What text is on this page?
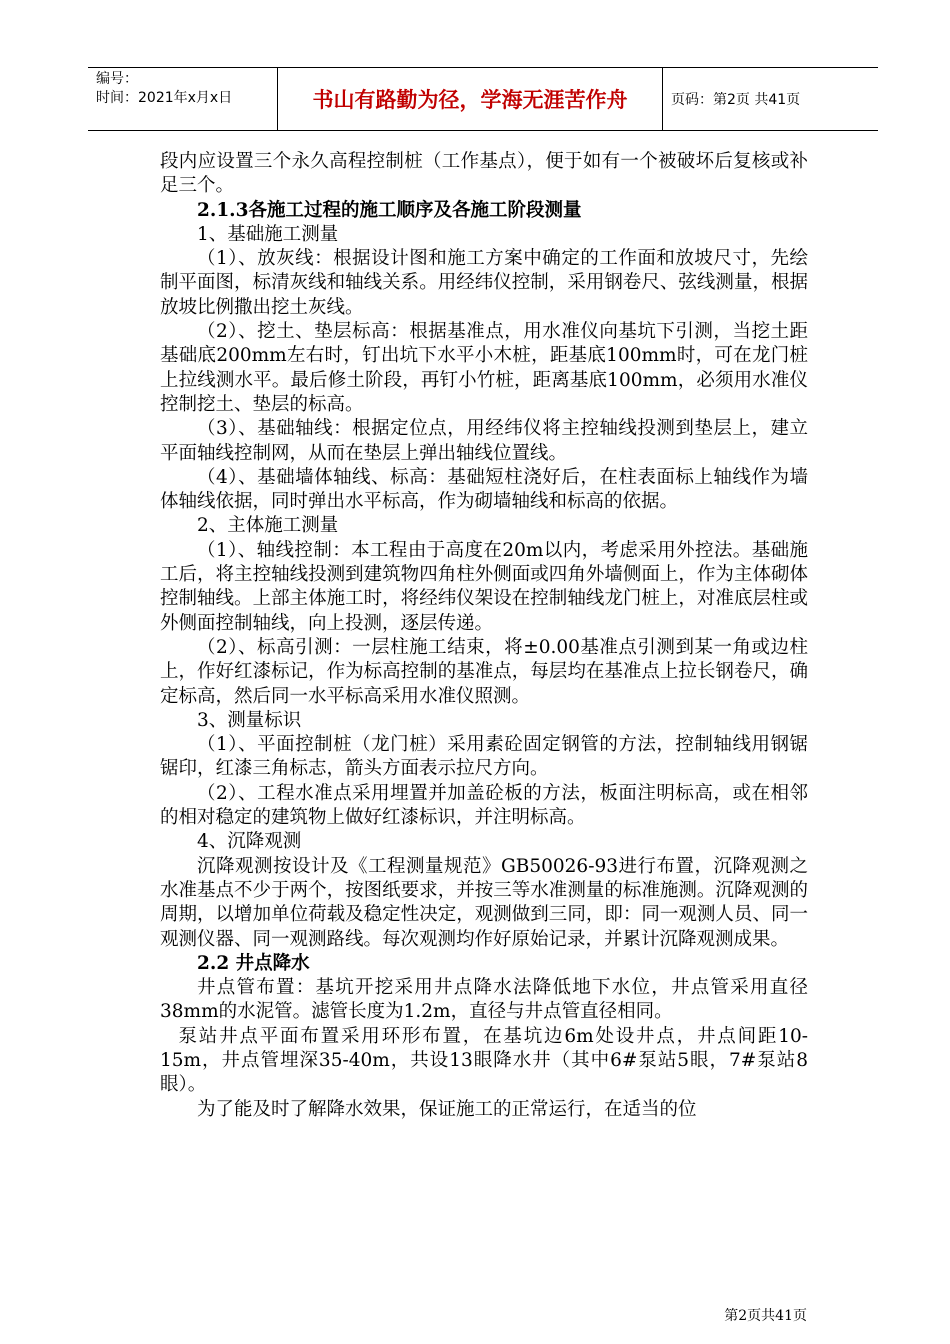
编号：
时间：2021年x月x日	书山有路勤为径，学海无涯苦作舟	页码：第2页 共41页

段内应设置三个永久高程控制桩（工作基点），便于如有一个被破坏后复核或补足三个。

2.1.3各施工过程的施工顺序及各施工阶段测量

1、基础施工测量

（1）、放灰线：根据设计图和施工方案中确定的工作面和放坡尺寸，先绘制平面图，标清灰线和轴线关系。用经纬仪控制，采用钢卷尺、弦线测量，根据放坡比例撒出挖土灰线。

（2）、挖土、垫层标高：根据基准点，用水准仪向基坑下引测，当挖土距基础底200mm左右时，钉出坑下水平小木桩，距基底100mm时，可在龙门桩上拉线测水平。最后修土阶段，再钉小竹桩，距离基底100mm，必须用水准仪控制挖土、垫层的标高。

（3）、基础轴线：根据定位点，用经纬仪将主控轴线投测到垫层上，建立平面轴线控制网，从而在垫层上弹出轴线位置线。

（4）、基础墙体轴线、标高：基础短柱浇好后，在柱表面标上轴线作为墙体轴线依据，同时弹出水平标高，作为砌墙轴线和标高的依据。

2、主体施工测量

（1）、轴线控制：本工程由于高度在20m以内，考虑采用外控法。基础施工后，将主控轴线投测到建筑物四角柱外侧面或四角外墙侧面上，作为主体砌体控制轴线。上部主体施工时，将经纬仪架设在控制轴线龙门桩上，对准底层柱或外侧面控制轴线，向上投测，逐层传递。

（2）、标高引测：一层柱施工结束，将±0.00基准点引测到某一角或边柱上，作好红漆标记，作为标高控制的基准点，每层均在基准点上拉长钢卷尺，确定标高，然后同一水平标高采用水准仪照测。

3、测量标识

（1）、平面控制桩（龙门桩）采用素砼固定钢管的方法，控制轴线用钢锯锯印，红漆三角标志，箭头方面表示拉尺方向。

（2）、工程水准点采用埋置并加盖砼板的方法，板面注明标高，或在相邻的相对稳定的建筑物上做好红漆标识，并注明标高。

4、沉降观测

沉降观测按设计及《工程测量规范》GB50026-93进行布置，沉降观测之水准基点不少于两个，按图纸要求，并按三等水准测量的标准施测。沉降观测的周期，以增加单位荷载及稳定性决定，观测做到三同，即：同一观测人员、同一观测仪器、同一观测路线。每次观测均作好原始记录，并累计沉降观测成果。

2.2 井点降水

井点管布置：基坑开挖采用井点降水法降低地下水位，井点管采用直径38mm的水泥管。滤管长度为1.2m，直径与井点管直径相同。

泵站井点平面布置采用环形布置，在基坑边6m处设井点，井点间距10-15m，井点管埋深35-40m，共设13眼降水井（其中6#泵站5眼，7#泵站8眼）。

为了能及时了解降水效果，保证施工的正常运行，在适当的位

第2页共41页
